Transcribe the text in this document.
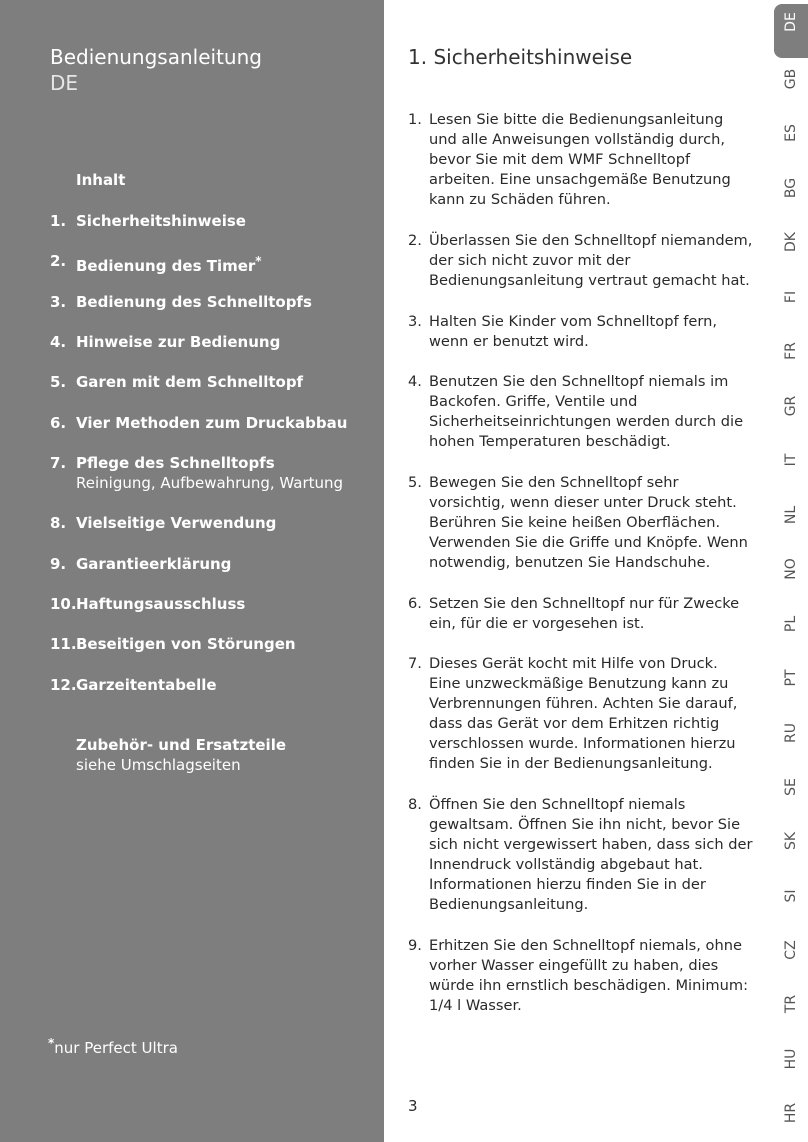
Bedienungsanleitung
DE
Inhalt
1. Sicherheitshinweise
2. Bedienung des Timer*
3. Bedienung des Schnelltopfs
4. Hinweise zur Bedienung
5. Garen mit dem Schnelltopf
6. Vier Methoden zum Druckabbau
7. Pflege des Schnelltopfs
Reinigung, Aufbewahrung, Wartung
8. Vielseitige Verwendung
9. Garantieerklärung
10. Haftungsausschluss
11. Beseitigen von Störungen
12. Garzeitentabelle
Zubehör- und Ersatzteile
siehe Umschlagseiten
*nur Perfect Ultra
1. Sicherheitshinweise
1. Lesen Sie bitte die Bedienungsanleitung und alle Anweisungen vollständig durch, bevor Sie mit dem WMF Schnelltopf arbeiten. Eine unsachgemäße Benutzung kann zu Schäden führen.
2. Überlassen Sie den Schnelltopf niemandem, der sich nicht zuvor mit der Bedienungsanleitung vertraut gemacht hat.
3. Halten Sie Kinder vom Schnelltopf fern, wenn er benutzt wird.
4. Benutzen Sie den Schnelltopf niemals im Backofen. Griffe, Ventile und Sicherheitseinrichtungen werden durch die hohen Temperaturen beschädigt.
5. Bewegen Sie den Schnelltopf sehr vorsichtig, wenn dieser unter Druck steht. Berühren Sie keine heißen Oberflächen. Verwenden Sie die Griffe und Knöpfe. Wenn notwendig, benutzen Sie Handschuhe.
6. Setzen Sie den Schnelltopf nur für Zwecke ein, für die er vorgesehen ist.
7. Dieses Gerät kocht mit Hilfe von Druck. Eine unzweckmäßige Benutzung kann zu Verbrennungen führen. Achten Sie darauf, dass das Gerät vor dem Erhitzen richtig verschlossen wurde. Informationen hierzu finden Sie in der Bedienungsanleitung.
8. Öffnen Sie den Schnelltopf niemals gewaltsam. Öffnen Sie ihn nicht, bevor Sie sich nicht vergewissert haben, dass sich der Innendruck vollständig abgebaut hat. Informationen hierzu finden Sie in der Bedienungsanleitung.
9. Erhitzen Sie den Schnelltopf niemals, ohne vorher Wasser eingefüllt zu haben, dies würde ihn ernstlich beschädigen. Minimum: 1/4 l Wasser.
3
DE
GB
ES
BG
DK
FI
FR
GR
IT
NL
NO
PL
PT
RU
SE
SK
SI
CZ
TR
HU
HR
